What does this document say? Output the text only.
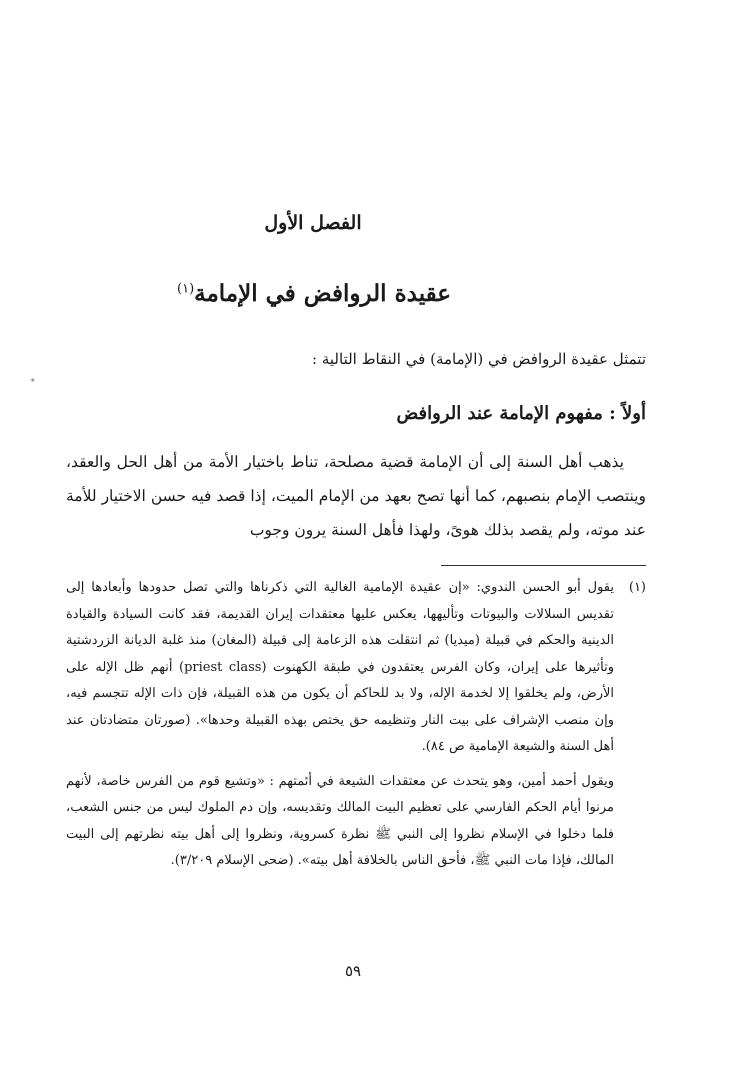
الفصل الأول
عقيدة الروافض في الإمامة$^{(١)}$
تتمثل عقيدة الروافض في (الإمامة) في النقاط التالية :
أولاً : مفهوم الإمامة عند الروافض

يذهب أهل السنة إلى أن الإمامة قضية مصلحة، تناط باختيار الأمة من أهل الحل والعقد، وينتصب الإمام بنصبهم، كما أنها تصح بعهد من الإمام الميت، إذا قصد فيه حسن الاختيار للأمة عند موته، ولم يقصد بذلك هوىً، ولهذا فأهل السنة يرون وجوب

(١)
يقول أبو الحسن الندوي: «إن عقيدة الإمامية الغالية التي ذكرناها والتي تصل حدودها وأبعادها إلى تقديس السلالات والبيوتات وتأليهها، يعكس عليها معتقدات إيران القديمة، فقد كانت السيادة والقيادة الدينية والحكم في قبيلة (ميديا) ثم انتقلت هذه الزعامة إلى قبيلة (المغان) منذ غلبة الديانة الزردشتية وتأثيرها على إيران، وكان الفرس يعتقدون في طبقة الكهنوت (priest class) أنهم ظل الإله على الأرض، ولم يخلقوا إلا لخدمة الإله، ولا بد للحاكم أن يكون من هذه القبيلة، فإن ذات الإله تتجسم فيه، وإن منصب الإشراف على بيت النار وتنظيمه حق يختص بهذه القبيلة وحدها». (صورتان متضادتان عند أهل السنة والشيعة الإمامية ص ٨٤).

ويقول أحمد أمين، وهو يتحدث عن معتقدات الشيعة في أئمتهم : «وتشيع قوم من الفرس خاصة، لأنهم مرنوا أيام الحكم الفارسي على تعظيم البيت المالك وتقديسه، وإن دم الملوك ليس من جنس الشعب، فلما دخلوا في الإسلام نظروا إلى النبي ﷺ نظرة كسروية، ونظروا إلى أهل بيته نظرتهم إلى البيت المالك، فإذا مات النبي ﷺ، فأحق الناس بالخلافة أهل بيته». (ضحى الإسلام ٣/٢٠٩).

٥٩
٭
